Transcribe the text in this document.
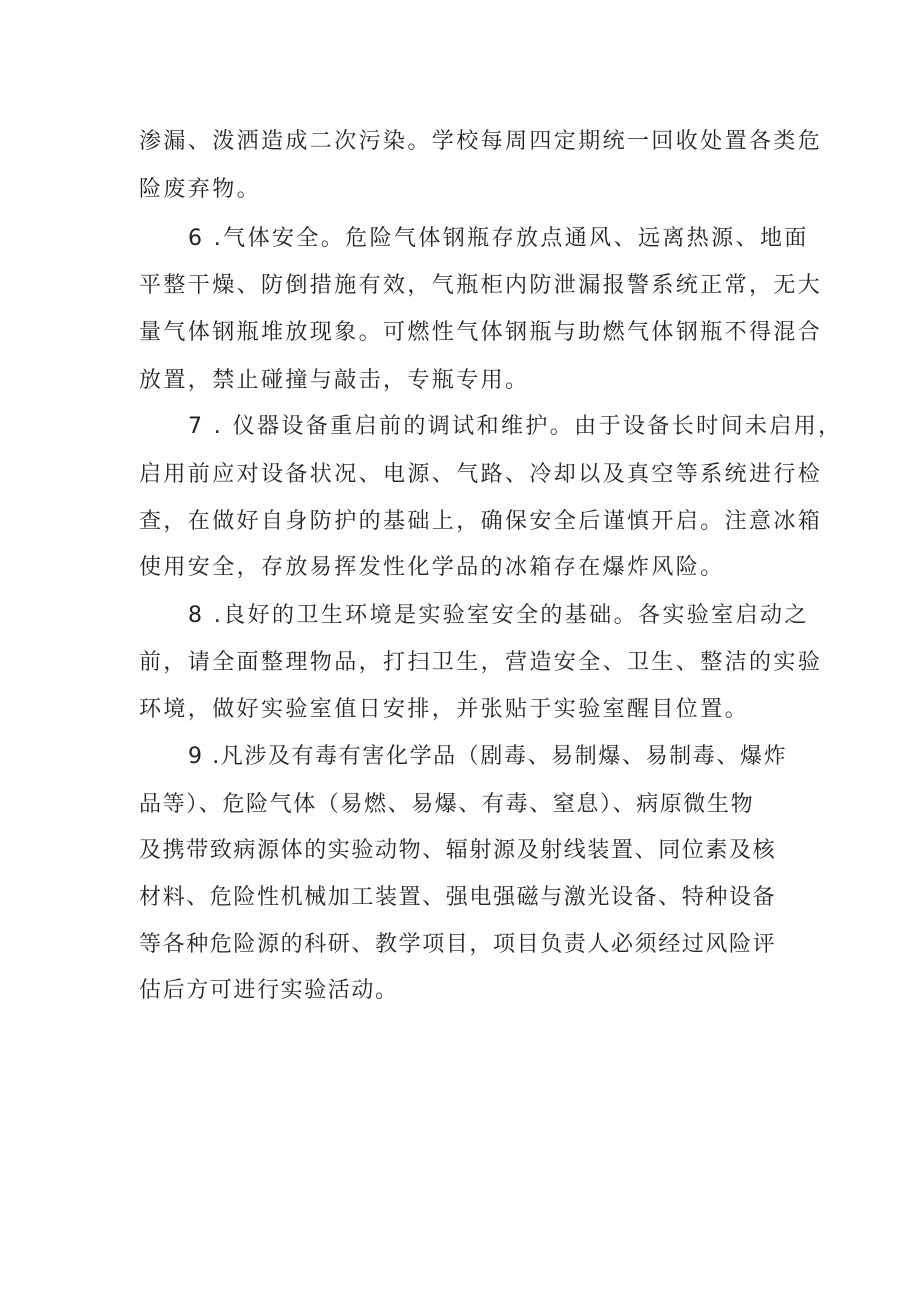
渗漏、泼洒造成二次污染。学校每周四定期统一回收处置各类危
险废弃物。
6 .气体安全。危险气体钢瓶存放点通风、远离热源、地面
平整干燥、防倒措施有效，气瓶柜内防泄漏报警系统正常，无大
量气体钢瓶堆放现象。可燃性气体钢瓶与助燃气体钢瓶不得混合
放置，禁止碰撞与敲击，专瓶专用。
7 . 仪器设备重启前的调试和维护。由于设备长时间未启用，
启用前应对设备状况、电源、气路、冷却以及真空等系统进行检
查，在做好自身防护的基础上，确保安全后谨慎开启。注意冰箱
使用安全，存放易挥发性化学品的冰箱存在爆炸风险。
8 .良好的卫生环境是实验室安全的基础。各实验室启动之
前，请全面整理物品，打扫卫生，营造安全、卫生、整洁的实验
环境，做好实验室值日安排，并张贴于实验室醒目位置。
9 .凡涉及有毒有害化学品（剧毒、易制爆、易制毒、爆炸
品等）、危险气体（易燃、易爆、有毒、窒息）、病原微生物
及携带致病源体的实验动物、辐射源及射线装置、同位素及核
材料、危险性机械加工装置、强电强磁与激光设备、特种设备
等各种危险源的科研、教学项目，项目负责人必须经过风险评
估后方可进行实验活动。
